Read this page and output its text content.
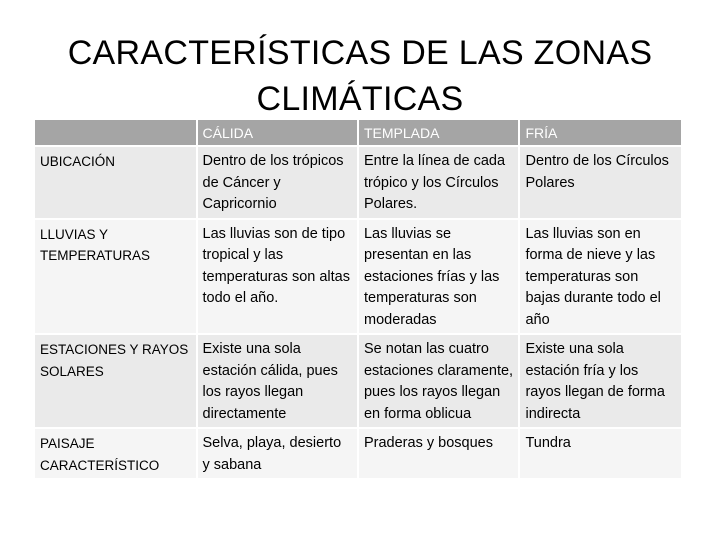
CARACTERÍSTICAS DE LAS ZONAS
CLIMÁTICAS
	CÁLIDA	TEMPLADA	FRÍA
UBICACIÓN	Dentro de los trópicos de Cáncer y Capricornio	Entre la línea de cada trópico y los Círculos Polares.	Dentro de los Círculos Polares
LLUVIAS Y TEMPERATURAS	Las lluvias son de tipo tropical y las temperaturas son altas todo el año.	Las lluvias se presentan en las estaciones frías y las temperaturas son moderadas	Las lluvias son en forma de nieve y las temperaturas son bajas durante todo el año
ESTACIONES Y RAYOS SOLARES	Existe una sola estación cálida, pues los rayos llegan directamente	Se notan las cuatro estaciones claramente, pues los rayos llegan en forma oblicua	Existe una sola estación fría y los rayos llegan de forma indirecta
PAISAJE CARACTERÍSTICO	Selva, playa, desierto y sabana	Praderas y bosques	Tundra
